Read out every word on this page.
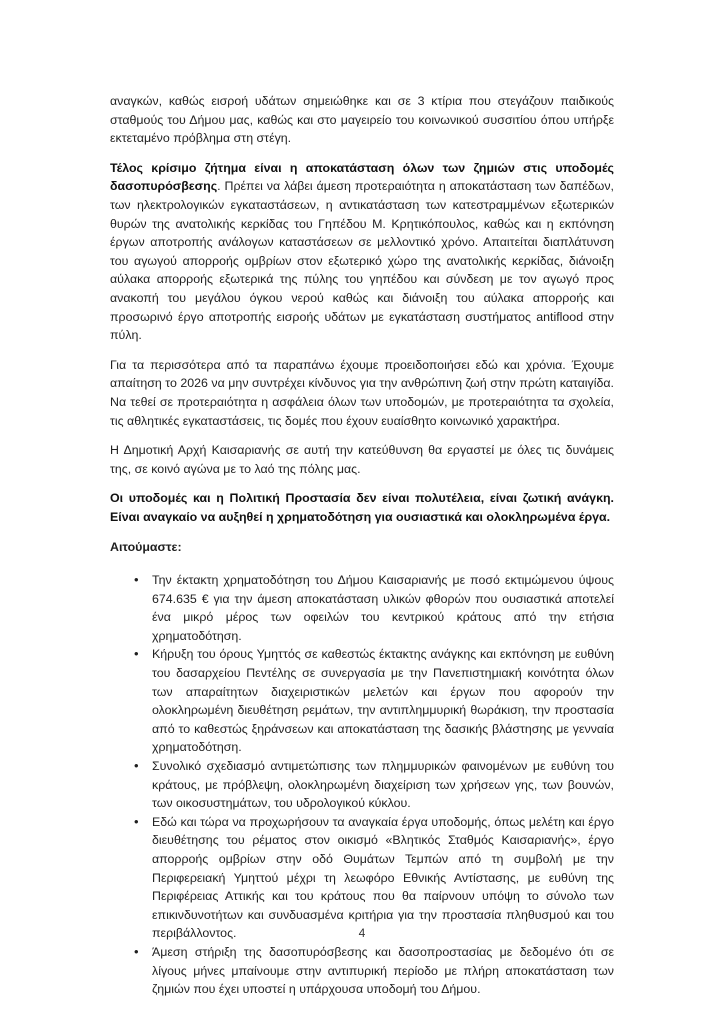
αναγκών, καθώς εισροή υδάτων σημειώθηκε και σε 3 κτίρια που στεγάζουν παιδικούς σταθμούς του Δήμου μας, καθώς και στο μαγειρείο του κοινωνικού συσσιτίου όπου υπήρξε εκτεταμένο πρόβλημα στη στέγη.

Τέλος κρίσιμο ζήτημα είναι η αποκατάσταση όλων των ζημιών στις υποδομές δασοπυρόσβεσης. Πρέπει να λάβει άμεση προτεραιότητα η αποκατάσταση των δαπέδων, των ηλεκτρολογικών εγκαταστάσεων, η αντικατάσταση των κατεστραμμένων εξωτερικών θυρών της ανατολικής κερκίδας του Γηπέδου Μ. Κρητικόπουλος, καθώς και η εκπόνηση έργων αποτροπής ανάλογων καταστάσεων σε μελλοντικό χρόνο. Απαιτείται διαπλάτυνση του αγωγού απορροής ομβρίων στον εξωτερικό χώρο της ανατολικής κερκίδας, διάνοιξη αύλακα απορροής εξωτερικά της πύλης του γηπέδου και σύνδεση με τον αγωγό προς ανακοπή του μεγάλου όγκου νερού καθώς και διάνοιξη του αύλακα απορροής και προσωρινό έργο αποτροπής εισροής υδάτων με εγκατάσταση συστήματος antiflood στην πύλη.

Για τα περισσότερα από τα παραπάνω έχουμε προειδοποιήσει εδώ και χρόνια. Έχουμε απαίτηση το 2026 να μην συντρέχει κίνδυνος για την ανθρώπινη ζωή στην πρώτη καταιγίδα. Να τεθεί σε προτεραιότητα η ασφάλεια όλων των υποδομών, με προτεραιότητα τα σχολεία, τις αθλητικές εγκαταστάσεις, τις δομές που έχουν ευαίσθητο κοινωνικό χαρακτήρα.

Η Δημοτική Αρχή Καισαριανής σε αυτή την κατεύθυνση θα εργαστεί με όλες τις δυνάμεις της, σε κοινό αγώνα με το λαό της πόλης μας.

Οι υποδομές και η Πολιτική Προστασία δεν είναι πολυτέλεια, είναι ζωτική ανάγκη. Είναι αναγκαίο να αυξηθεί η χρηματοδότηση για ουσιαστικά και ολοκληρωμένα έργα.

Αιτούμαστε:
• Την έκτακτη χρηματοδότηση του Δήμου Καισαριανής με ποσό εκτιμώμενου ύψους 674.635 € για την άμεση αποκατάσταση υλικών φθορών που ουσιαστικά αποτελεί ένα μικρό μέρος των οφειλών του κεντρικού κράτους από την ετήσια χρηματοδότηση.
• Κήρυξη του όρους Υμηττός σε καθεστώς έκτακτης ανάγκης και εκπόνηση με ευθύνη του δασαρχείου Πεντέλης σε συνεργασία με την Πανεπιστημιακή κοινότητα όλων των απαραίτητων διαχειριστικών μελετών και έργων που αφορούν την ολοκληρωμένη διευθέτηση ρεμάτων, την αντιπλημμυρική θωράκιση, την προστασία από το καθεστώς ξηράνσεων και αποκατάσταση της δασικής βλάστησης με γενναία χρηματοδότηση.
• Συνολικό σχεδιασμό αντιμετώπισης των πλημμυρικών φαινομένων με ευθύνη του κράτους, με πρόβλεψη, ολοκληρωμένη διαχείριση των χρήσεων γης, των βουνών, των οικοσυστημάτων, του υδρολογικού κύκλου.
• Εδώ και τώρα να προχωρήσουν τα αναγκαία έργα υποδομής, όπως μελέτη και έργο διευθέτησης του ρέματος στον οικισμό «Βλητικός Σταθμός Καισαριανής», έργο απορροής ομβρίων στην οδό Θυμάτων Τεμπών από τη συμβολή με την Περιφερειακή Υμηττού μέχρι τη λεωφόρο Εθνικής Αντίστασης, με ευθύνη της Περιφέρειας Αττικής και του κράτους που θα παίρνουν υπόψη το σύνολο των επικινδυνοτήτων και συνδυασμένα κριτήρια για την προστασία πληθυσμού και του περιβάλλοντος.
• Άμεση στήριξη της δασοπυρόσβεσης και δασοπροστασίας με δεδομένο ότι σε λίγους μήνες μπαίνουμε στην αντιπυρική περίοδο με πλήρη αποκατάσταση των ζημιών που έχει υποστεί η υπάρχουσα υποδομή του Δήμου.
4
